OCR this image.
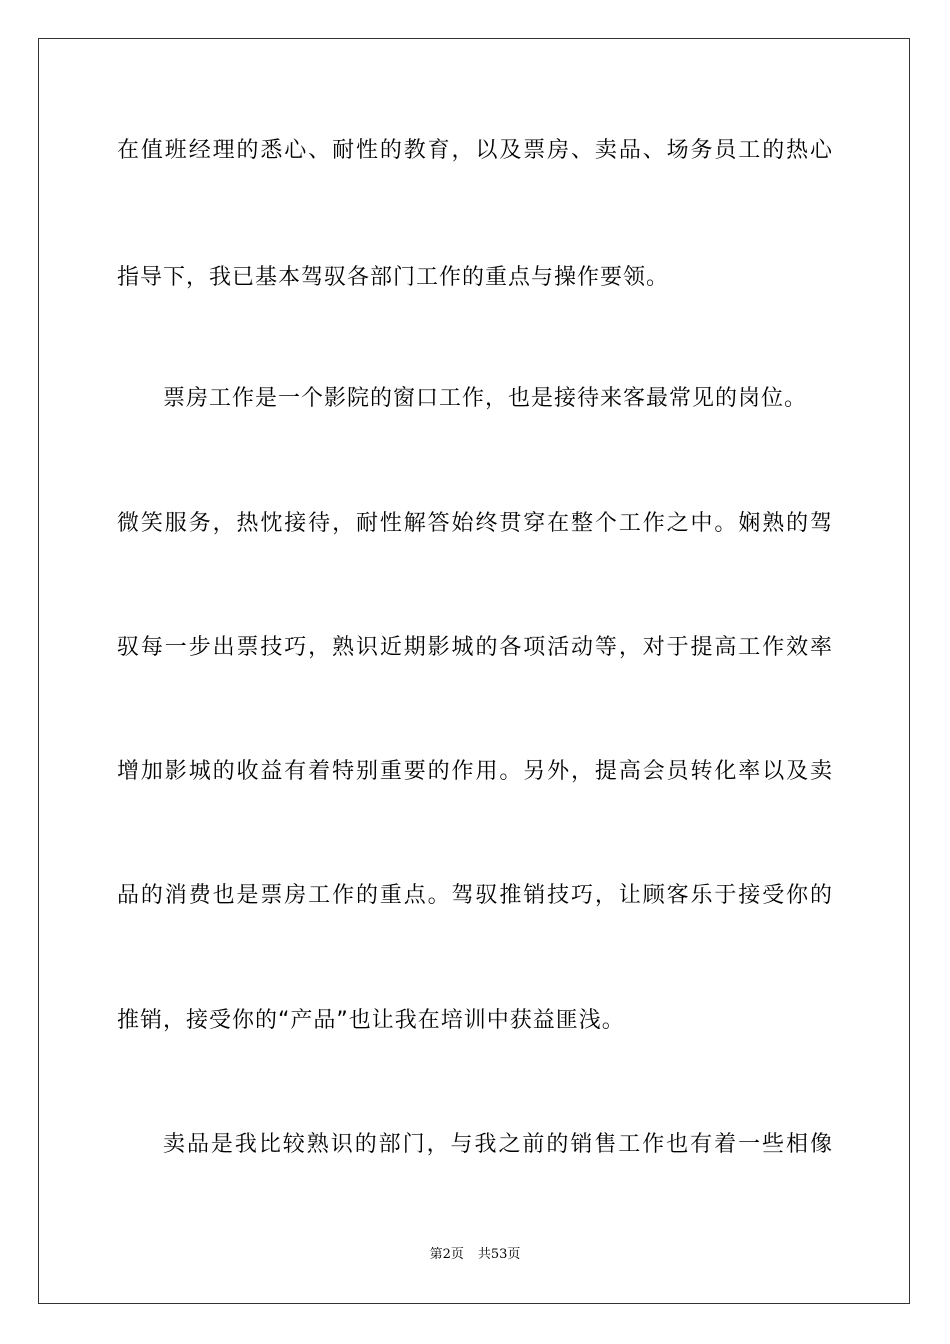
在值班经理的悉心、耐性的教育，以及票房、卖品、场务员工的热心
指导下，我已基本驾驭各部门工作的重点与操作要领。
票房工作是一个影院的窗口工作，也是接待来客最常见的岗位。
微笑服务，热忱接待，耐性解答始终贯穿在整个工作之中。娴熟的驾
驭每一步出票技巧，熟识近期影城的各项活动等，对于提高工作效率
增加影城的收益有着特别重要的作用。另外，提高会员转化率以及卖
品的消费也是票房工作的重点。驾驭推销技巧，让顾客乐于接受你的
推销，接受你的“产品”也让我在培训中获益匪浅。
卖品是我比较熟识的部门，与我之前的销售工作也有着一些相像
第2页 共53页
